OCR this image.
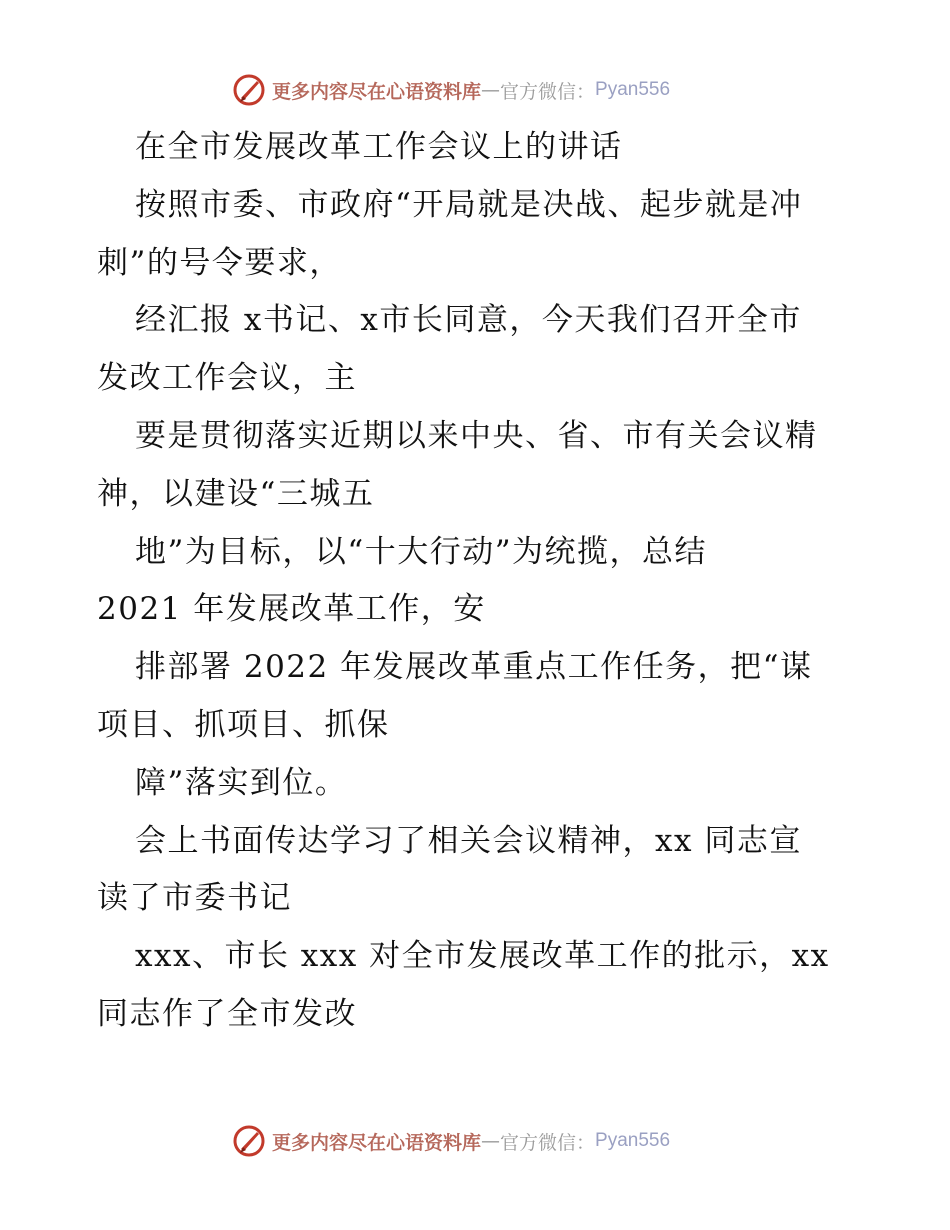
更多内容尽在心语资料库 — 官方微信： Pyan556
在全市发展改革工作会议上的讲话
按照市委、市政府“开局就是决战、起步就是冲
刺”的号令要求，
经汇报 x书记、x市长同意，今天我们召开全市
发改工作会议，主
要是贯彻落实近期以来中央、省、市有关会议精
神，以建设“三城五
地”为目标，以“十大行动”为统揽，总结
2021 年发展改革工作，安
排部署 2022 年发展改革重点工作任务，把“谋
项目、抓项目、抓保
障”落实到位。
会上书面传达学习了相关会议精神，xx 同志宣
读了市委书记
xxx、市长 xxx 对全市发展改革工作的批示，xx
同志作了全市发改
更多内容尽在心语资料库 — 官方微信： Pyan556
